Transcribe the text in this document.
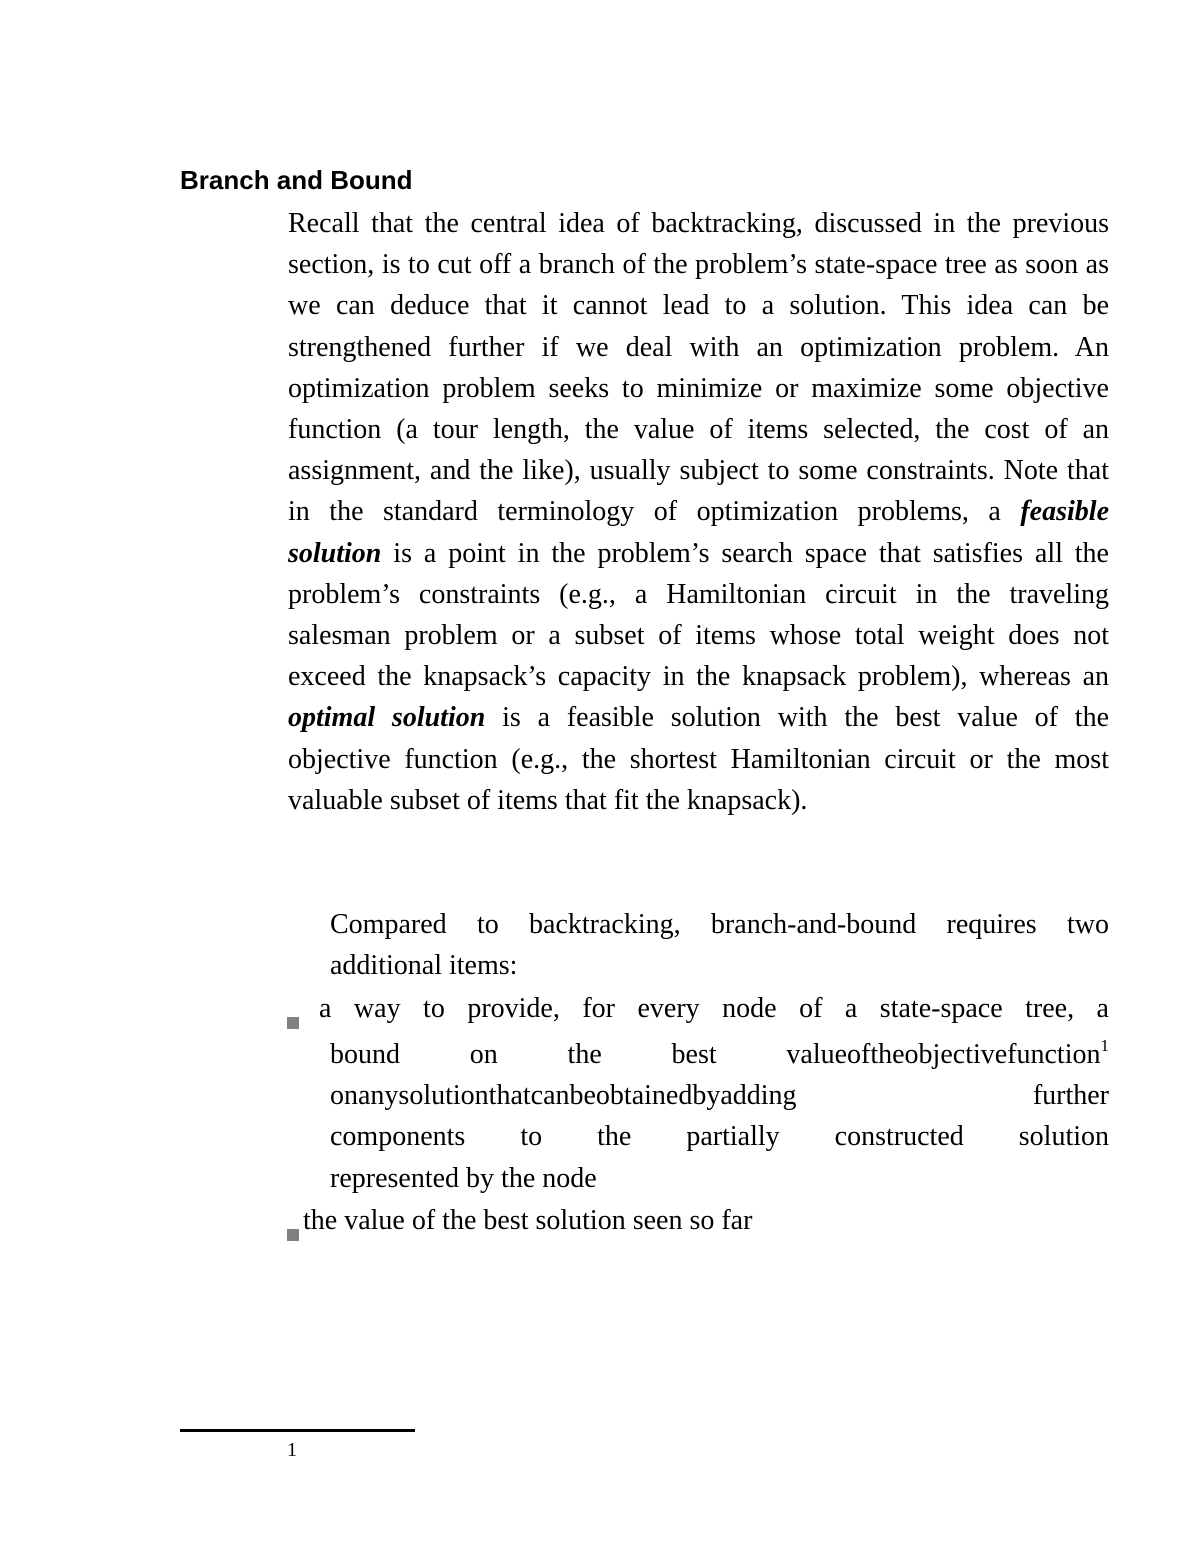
Branch and Bound
Recall that the central idea of backtracking, discussed in the previous section, is to cut off a branch of the problem’s state-space tree as soon as we can deduce that it cannot lead to a solution. This idea can be strengthened further if we deal with an optimization problem. An optimization problem seeks to minimize or maximize some objective function (a tour length, the value of items selected, the cost of an assignment, and the like), usually subject to some constraints. Note that in the standard terminology of optimization problems, a feasible solution is a point in the problem’s search space that satisfies all the problem’s constraints (e.g., a Hamiltonian circuit in the traveling salesman problem or a subset of items whose total weight does not exceed the knapsack’s capacity in the knapsack problem), whereas an optimal solution is a feasible solution with the best value of the objective function (e.g., the shortest Hamiltonian circuit or the most valuable subset of items that fit the knapsack).
Compared to backtracking, branch-and-bound requires two additional items:
a way to provide, for every node of a state-space tree, a
bound on the best valueoftheobjectivefunction$^1$
onanysolutionthatcanbeobtainedbyadding further
components to the partially constructed solution
represented by the node
the value of the best solution seen so far
1
